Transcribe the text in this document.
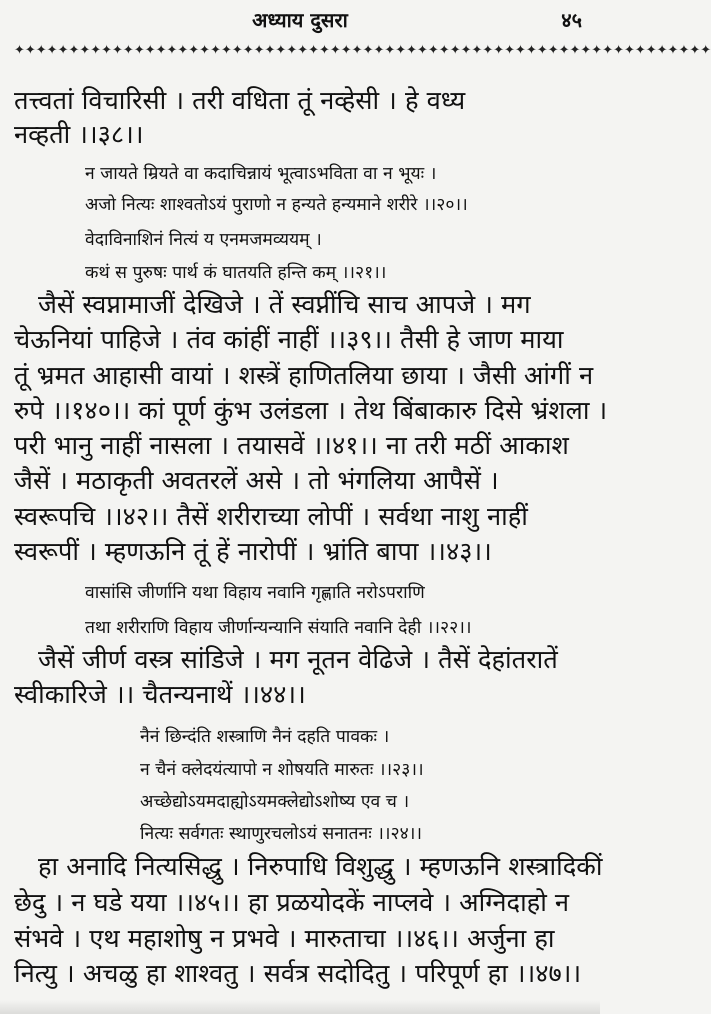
अध्याय दुसरा	४५
✦✦✦✦✦✦✦✦✦✦✦✦✦✦✦✦✦✦✦✦✦✦✦✦✦✦✦✦✦✦✦✦✦✦✦✦✦✦✦✦✦✦✦✦✦✦✦✦✦✦✦✦✦✦✦✦✦✦✦✦✦✦✦✦
तत्त्वतां विचारिसी । तरी वधिता तूं नव्हेसी । हे वध्य
नव्हती ।।३८।।
न जायते म्रियते वा कदाचिन्नायं भूत्वाऽभविता वा न भूयः ।
अजो नित्यः शाश्वतोऽयं पुराणो न हन्यते हन्यमाने शरीरे ।।२०।।
वेदाविनाशिनं नित्यं य एनमजमव्ययम् ।
कथं स पुरुषः पार्थ कं घातयति हन्ति कम् ।।२१।।
जैसें स्वप्नामाजीं देखिजे । तें स्वप्नींचि साच आपजे । मग
चेऊनियां पाहिजे । तंव कांहीं नाहीं ।।३९।। तैसी हे जाण माया
तूं भ्रमत आहासी वायां । शस्त्रें हाणितलिया छाया । जैसी आंगीं न
रुपे ।।१४०।। कां पूर्ण कुंभ उलंडला । तेथ बिंबाकारु दिसे भ्रंशला ।
परी भानु नाहीं नासला । तयासवें ।।४१।। ना तरी मठीं आकाश
जैसें । मठाकृती अवतरलें असे । तो भंगलिया आपैसें ।
स्वरूपचि ।।४२।। तैसें शरीराच्या लोपीं । सर्वथा नाशु नाहीं
स्वरूपीं । म्हणऊनि तूं हें नारोपीं । भ्रांति बापा ।।४३।।
वासांसि जीर्णानि यथा विहाय नवानि गृह्णाति नरोऽपराणि
तथा शरीराणि विहाय जीर्णान्यन्यानि संयाति नवानि देही ।।२२।।
जैसें जीर्ण वस्त्र सांडिजे । मग नूतन वेढिजे । तैसें देहांतरातें
स्वीकारिजे ।। चैतन्यनाथें ।।४४।।
नैनं छिन्दंति शस्त्राणि नैनं दहति पावकः ।
न चैनं क्लेदयंत्यापो न शोषयति मारुतः ।।२३।।
अच्छेद्योऽयमदाह्योऽयमक्लेद्योऽशोष्य एव च ।
नित्यः सर्वगतः स्थाणुरचलोऽयं सनातनः ।।२४।।
हा अनादि नित्यसिद्धु । निरुपाधि विशुद्धु । म्हणऊनि शस्त्रादिकीं
छेदु । न घडे यया ।।४५।। हा प्रळयोदकें नाप्लवे । अग्निदाहो न
संभवे । एथ महाशोषु न प्रभवे । मारुताचा ।।४६।। अर्जुना हा
नित्यु । अचळु हा शाश्वतु । सर्वत्र सदोदितु । परिपूर्ण हा ।।४७।।
